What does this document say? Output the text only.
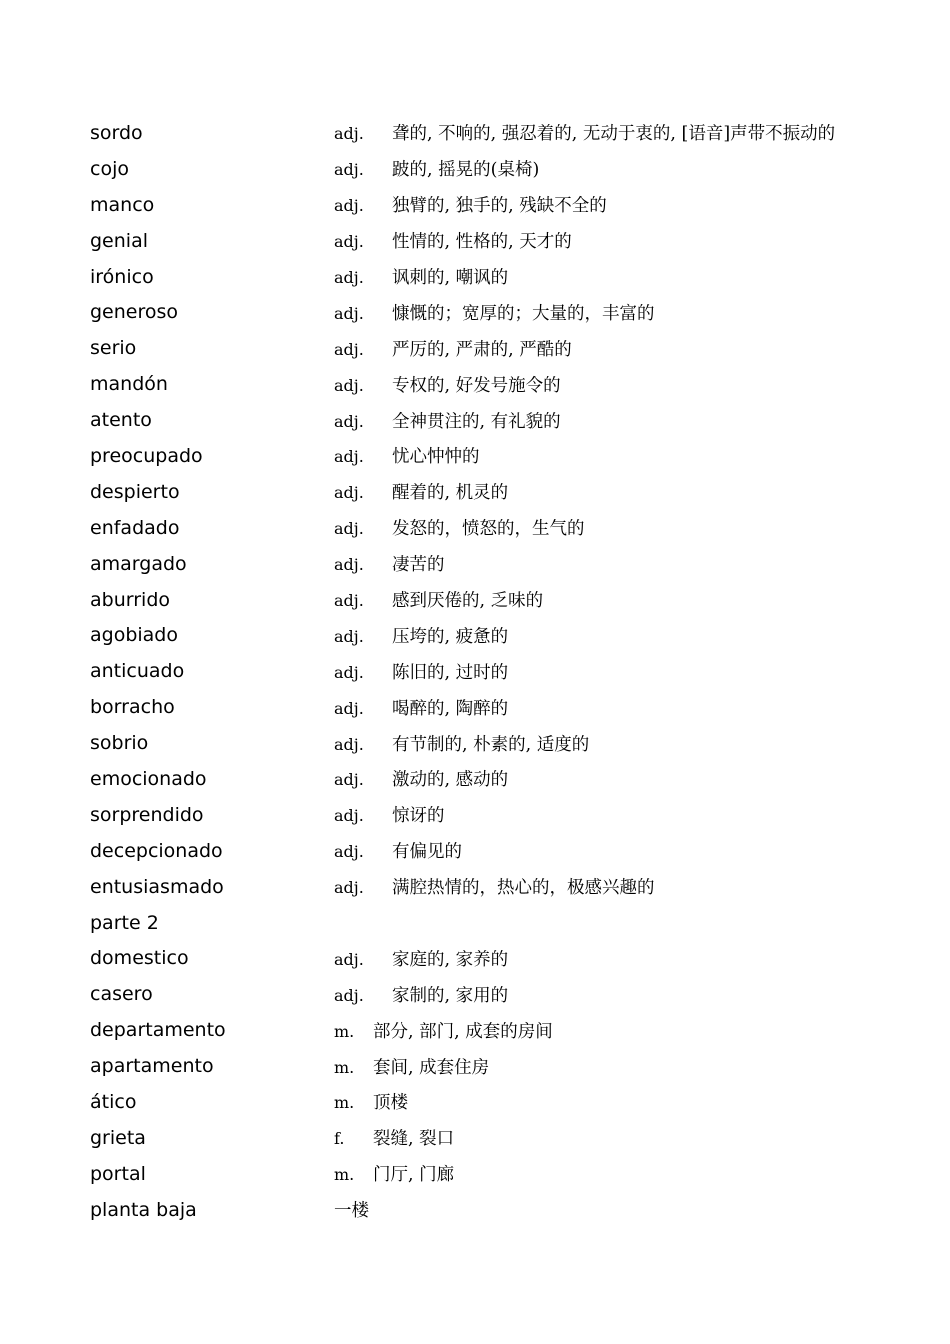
sordo	adj. 聋的, 不响的, 强忍着的, 无动于衷的, [语音]声带不振动的
cojo	adj. 跛的, 摇晃的(桌椅)
manco	adj. 独臂的, 独手的, 残缺不全的
genial	adj. 性情的, 性格的, 天才的
irónico	adj. 讽刺的, 嘲讽的
generoso	adj. 慷慨的；宽厚的；大量的，丰富的
serio	adj. 严厉的, 严肃的, 严酷的
mandón	adj. 专权的, 好发号施令的
atento	adj. 全神贯注的, 有礼貌的
preocupado	adj. 忧心忡忡的
despierto	adj. 醒着的, 机灵的
enfadado	adj. 发怒的，愤怒的，生气的
amargado	adj. 凄苦的
aburrido	adj. 感到厌倦的, 乏味的
agobiado	adj. 压垮的, 疲惫的
anticuado	adj. 陈旧的, 过时的
borracho	adj. 喝醉的, 陶醉的
sobrio	adj. 有节制的, 朴素的, 适度的
emocionado	adj. 激动的, 感动的
sorprendido	adj. 惊讶的
decepcionado	adj. 有偏见的
entusiasmado	adj. 满腔热情的，热心的，极感兴趣的
parte 2
domestico	adj. 家庭的, 家养的
casero	adj. 家制的, 家用的
departamento	m. 部分, 部门, 成套的房间
apartamento	m. 套间, 成套住房
ático	m. 顶楼
grieta	f. 裂缝, 裂口
portal	m. 门厅, 门廊
planta baja	一楼
